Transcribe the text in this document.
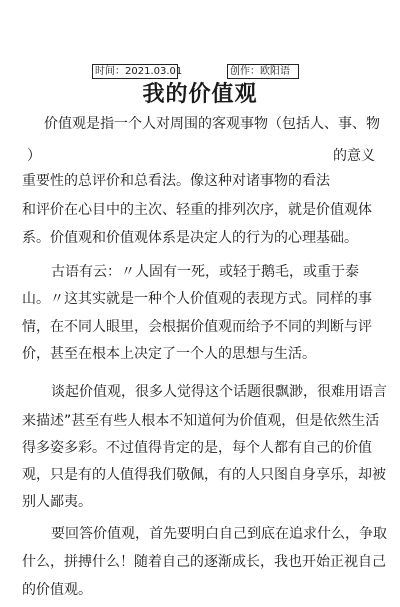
时间：2021.03.01	创作：欧阳语
我的价值观
价值观是指一个人对周围的客观事物（包括人、事、物
）	的意义
重要性的总评价和总看法。像这种对诸事物的看法
和评价在心目中的主次、轻重的排列次序，就是价值观体
系。价值观和价值观体系是决定人的行为的心理基础。
古语有云：〃人固有一死，或轻于鹅毛，或重于泰
山。〃这其实就是一种个人价值观的表现方式。同样的事
情，在不同人眼里，会根据价值观而给予不同的判断与评
价，甚至在根本上决定了一个人的思想与生活。
谈起价值观，很多人觉得这个话题很飘渺，很难用语言
来描述”甚至有些人根本不知道何为价值观，但是依然生活
得多姿多彩。不过值得肯定的是，每个人都有自己的价值
观，只是有的人值得我们敬佩，有的人只图自身享乐，却被
别人鄙夷。
要回答价值观，首先要明白自己到底在追求什么，争取
什么，拼搏什么！随着自己的逐渐成长，我也开始正视自己
的价值观。
